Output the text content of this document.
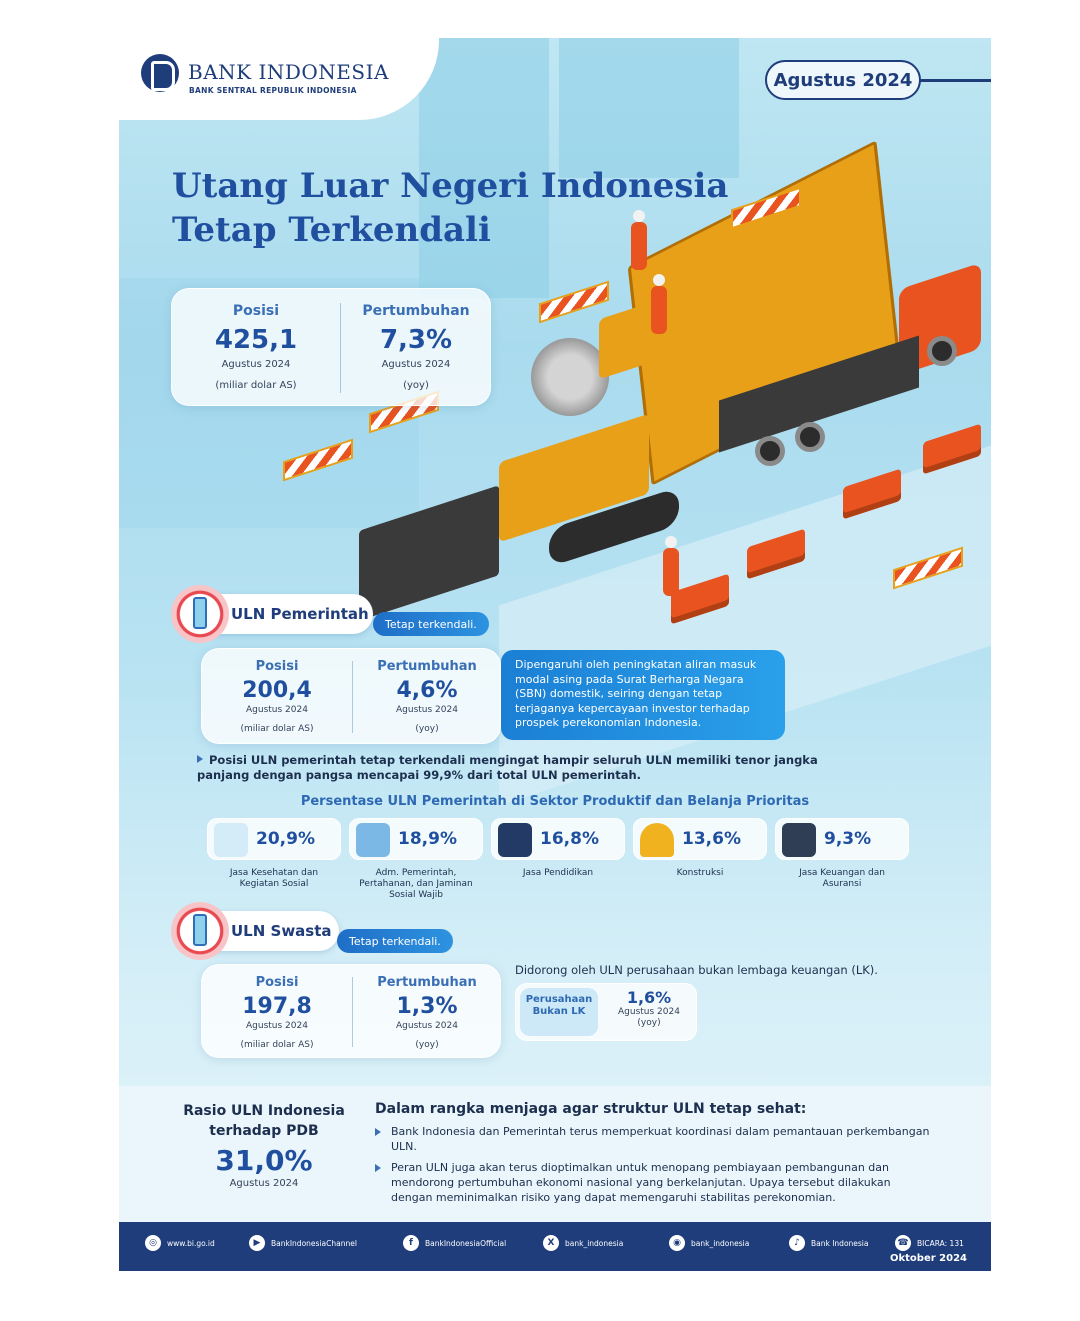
BANK INDONESIA
BANK SENTRAL REPUBLIK INDONESIA	Agustus 2024
Utang Luar Negeri Indonesia
Tetap Terkendali
Posisi
425,1
Agustus 2024
(miliar dolar AS)
Pertumbuhan
7,3%
Agustus 2024
(yoy)
ULN Pemerintah
Tetap terkendali.
Posisi
200,4
Agustus 2024
(miliar dolar AS)
Pertumbuhan
4,6%
Agustus 2024
(yoy)
Dipengaruhi oleh peningkatan aliran masuk modal asing pada Surat Berharga Negara (SBN) domestik, seiring dengan tetap terjaganya kepercayaan investor terhadap prospek perekonomian Indonesia.
Posisi ULN pemerintah tetap terkendali mengingat hampir seluruh ULN memiliki tenor jangka panjang dengan pangsa mencapai 99,9% dari total ULN pemerintah.
Persentase ULN Pemerintah di Sektor Produktif dan Belanja Prioritas
20,9%
Jasa Kesehatan dan Kegiatan Sosial
18,9%
Adm. Pemerintah, Pertahanan, dan Jaminan Sosial Wajib
16,8%
Jasa Pendidikan
13,6%
Konstruksi
9,3%
Jasa Keuangan dan Asuransi
ULN Swasta
Tetap terkendali.
Posisi
197,8
Agustus 2024
(miliar dolar AS)
Pertumbuhan
1,3%
Agustus 2024
(yoy)
Didorong oleh ULN perusahaan bukan lembaga keuangan (LK).
Perusahaan Bukan LK
1,6%
Agustus 2024
(yoy)
Rasio ULN Indonesia terhadap PDB
31,0%
Agustus 2024
Dalam rangka menjaga agar struktur ULN tetap sehat:
Bank Indonesia dan Pemerintah terus memperkuat koordinasi dalam pemantauan perkembangan ULN.
Peran ULN juga akan terus dioptimalkan untuk menopang pembiayaan pembangunan dan mendorong pertumbuhan ekonomi nasional yang berkelanjutan. Upaya tersebut dilakukan dengan meminimalkan risiko yang dapat memengaruhi stabilitas perekonomian.
◎	www.bi.go.id	▶	BankIndonesiaChannel	f	BankIndonesiaOfficial	X	bank_indonesia	◉	bank_indonesia	♪	Bank Indonesia	☎	BICARA: 131
Oktober 2024
